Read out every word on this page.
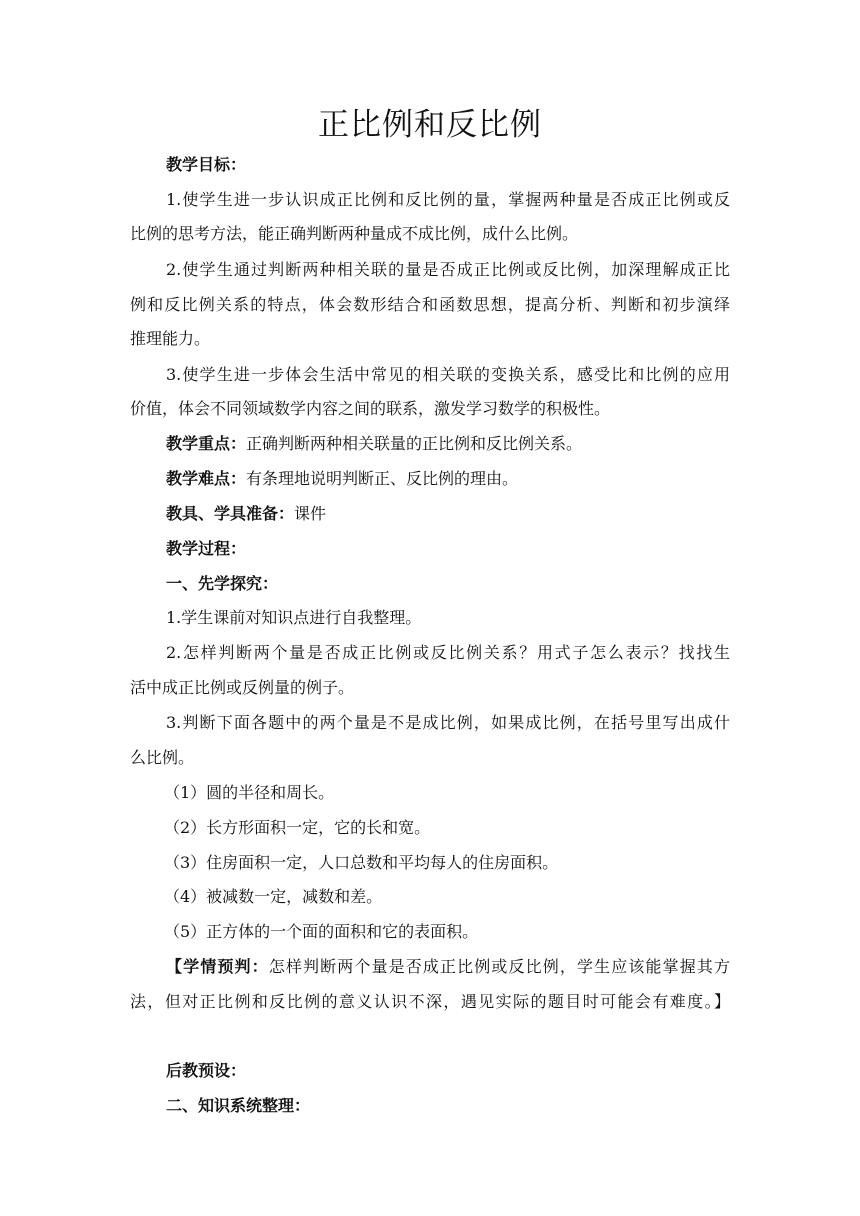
正比例和反比例
教学目标：
1.使学生进一步认识成正比例和反比例的量，掌握两种量是否成正比例或反
比例的思考方法，能正确判断两种量成不成比例，成什么比例。
2.使学生通过判断两种相关联的量是否成正比例或反比例，加深理解成正比
例和反比例关系的特点，体会数形结合和函数思想，提高分析、判断和初步演绎
推理能力。
3.使学生进一步体会生活中常见的相关联的变换关系，感受比和比例的应用
价值，体会不同领域数学内容之间的联系，激发学习数学的积极性。
教学重点：正确判断两种相关联量的正比例和反比例关系。
教学难点：有条理地说明判断正、反比例的理由。
教具、学具准备：课件
教学过程：
一、先学探究：
1.学生课前对知识点进行自我整理。
2.怎样判断两个量是否成正比例或反比例关系？用式子怎么表示？找找生
活中成正比例或反例量的例子。
3.判断下面各题中的两个量是不是成比例，如果成比例，在括号里写出成什
么比例。
（1）圆的半径和周长。
（2）长方形面积一定，它的长和宽。
（3）住房面积一定，人口总数和平均每人的住房面积。
（4）被减数一定，减数和差。
（5）正方体的一个面的面积和它的表面积。
【学情预判：怎样判断两个量是否成正比例或反比例，学生应该能掌握其方
法，但对正比例和反比例的意义认识不深，遇见实际的题目时可能会有难度。】
后教预设：
二、知识系统整理：
